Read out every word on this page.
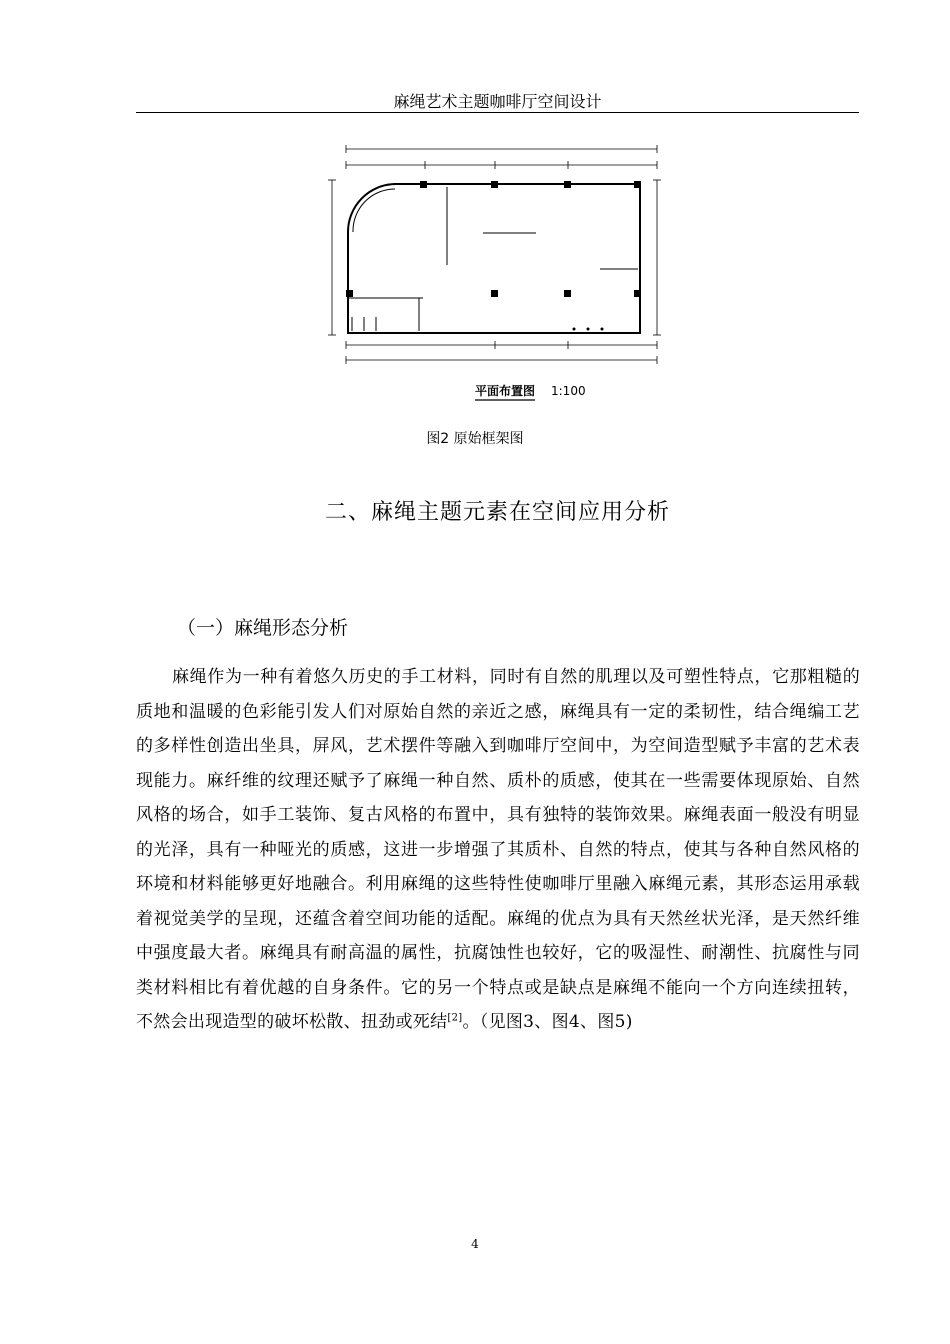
麻绳艺术主题咖啡厅空间设计
平面布置图 1:100
图2 原始框架图
二、麻绳主题元素在空间应用分析
（一）麻绳形态分析

麻绳作为一种有着悠久历史的手工材料，同时有自然的肌理以及可塑性特点，它那粗糙的质地和温暖的色彩能引发人们对原始自然的亲近之感，麻绳具有一定的柔韧性，结合绳编工艺的多样性创造出坐具，屏风，艺术摆件等融入到咖啡厅空间中，为空间造型赋予丰富的艺术表现能力。麻纤维的纹理还赋予了麻绳一种自然、质朴的质感，使其在一些需要体现原始、自然风格的场合，如手工装饰、复古风格的布置中，具有独特的装饰效果。麻绳表面一般没有明显的光泽，具有一种哑光的质感，这进一步增强了其质朴、自然的特点，使其与各种自然风格的环境和材料能够更好地融合。利用麻绳的这些特性使咖啡厅里融入麻绳元素，其形态运用承载着视觉美学的呈现，还蕴含着空间功能的适配。麻绳的优点为具有天然丝状光泽，是天然纤维中强度最大者。麻绳具有耐高温的属性，抗腐蚀性也较好，它的吸湿性、耐潮性、抗腐性与同类材料相比有着优越的自身条件。它的另一个特点或是缺点是麻绳不能向一个方向连续扭转，不然会出现造型的破坏松散、扭劲或死结[2]。（见图3、图4、图5)

4
